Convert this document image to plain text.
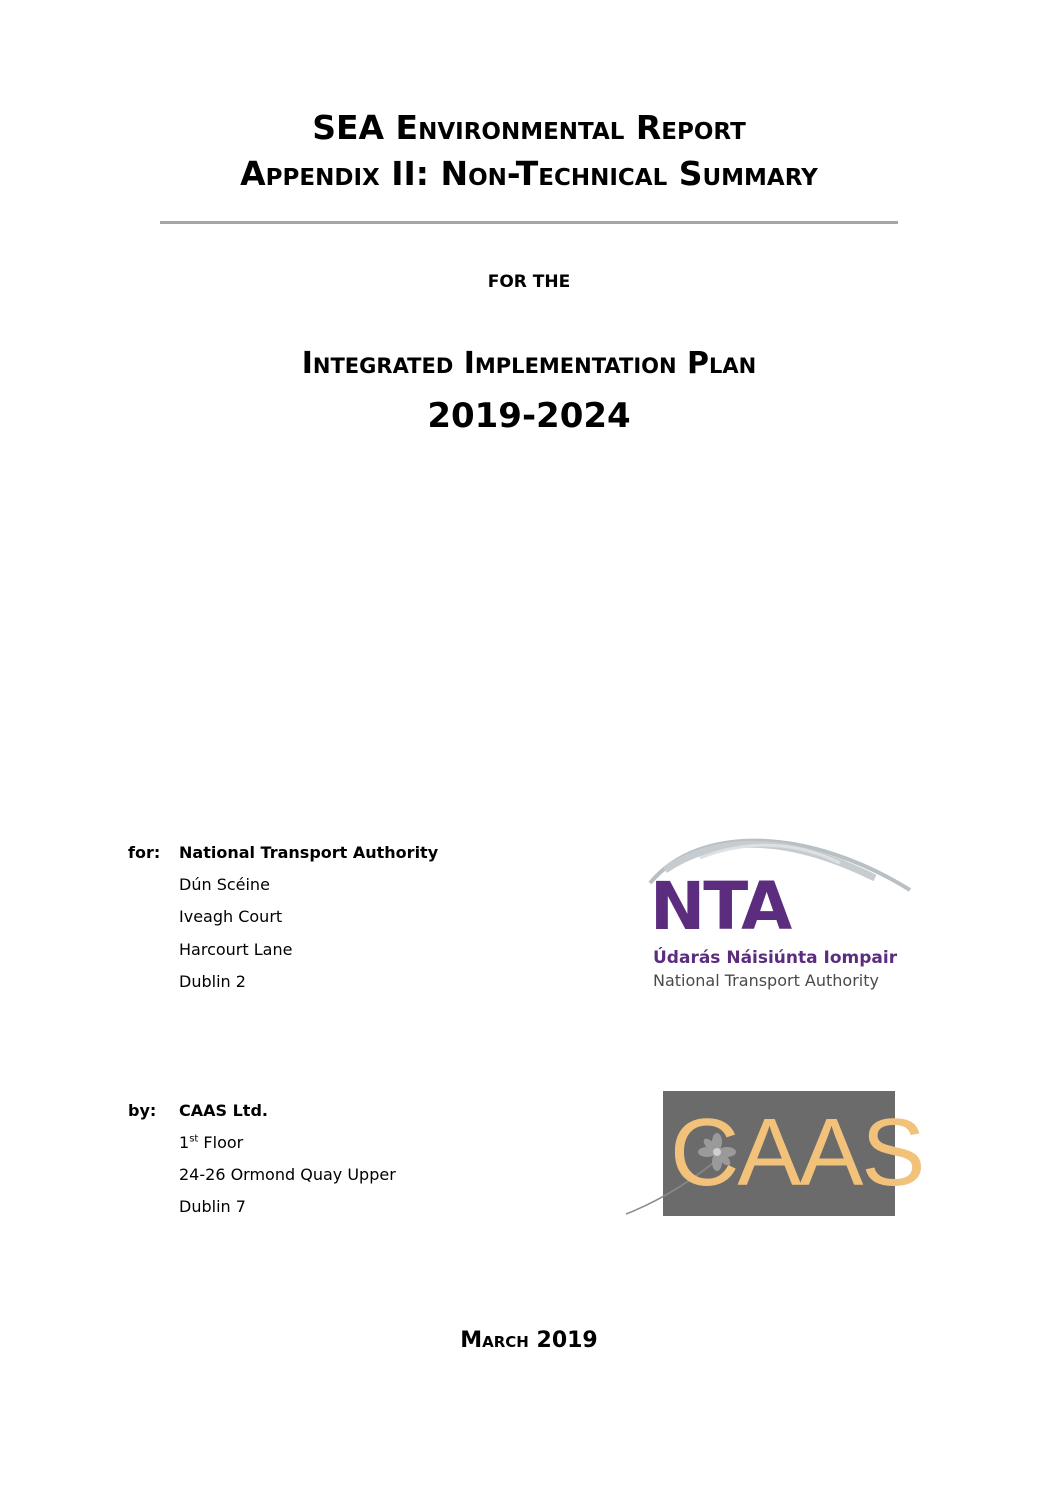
SEA Environmental Report
Appendix II: Non-Technical Summary
FOR THE
Integrated Implementation Plan
2019-2024
for: National Transport Authority
Dún Scéine
Iveagh Court
Harcourt Lane
Dublin 2
NTA
Údarás Náisiúnta Iompair
National Transport Authority
by: CAAS Ltd.
1st Floor
24-26 Ormond Quay Upper
Dublin 7
CAAS
March 2019
